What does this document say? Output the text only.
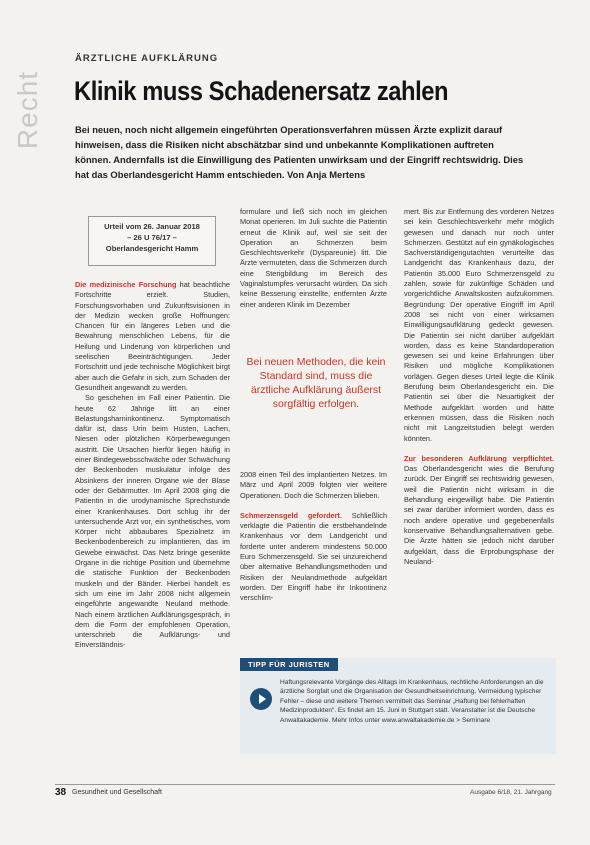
Recht
ÄRZTLICHE AUFKLÄRUNG
Klinik muss Schadenersatz zahlen
Bei neuen, noch nicht allgemein eingeführten Operationsverfahren müssen Ärzte explizit darauf hinweisen, dass die Risiken nicht abschätzbar sind und unbekannte Komplikationen auftreten können. Andernfalls ist die Einwilligung des Patienten unwirksam und der Eingriff rechtswidrig. Dies hat das Oberlandesgericht Hamm entschieden. Von Anja Mertens
Urteil vom 26. Januar 2018
– 26 U 76/17 –
Oberlandesgericht Hamm

Die medizinische Forschung hat beachtliche Fortschritte erzielt. Studien, Forschungsvorhaben und Zukunftsvisionen in der Medizin wecken große Hoffnungen: Chancen für ein längeres Leben und die Bewahrung menschlichen Lebens, für die Heilung und Linderung von körperlichen und seelischen Beeinträchtigungen. Jeder Fortschritt und jede technische Möglichkeit birgt aber auch die Gefahr in sich, zum Schaden der Gesundheit angewandt zu werden.

So geschehen im Fall einer Patientin. Die heute 62 Jährige litt an einer Belastungsharninkontinenz. Symptomatisch dafür ist, dass Urin beim Husten, Lachen, Niesen oder plötzlichen Körperbewegungen austritt. Die Ursachen hierfür liegen häufig in einer Bindegewebsschwäche oder Schwächung der Beckenboden muskulatur infolge des Absinkens der inneren Organe wie der Blase oder der Gebärmutter. Im April 2008 ging die Patientin in die urodynamische Sprechstunde einer Krankenhauses. Dort schlug ihr der untersuchende Arzt vor, ein synthetisches, vom Körper nicht abbaubares Spezialnetz im Beckenbodenbereich zu implantieren, das im Gewebe einwächst. Das Netz bringe gesenkte Organe in die richtige Position und übernehme die statische Funktion der Beckenboden muskeln und der Bänder. Hierbei handelt es sich um eine im Jahr 2008 nicht allgemein eingeführte angewandte Neuland methode. Nach einem ärztlichen Aufklärungsgespräch, in dem die Form der empfohlenen Operation, unterschrieb die Aufklärungs- und Einverständnis-

formulare und ließ sich noch im gleichen Monat operieren. Im Juli suchte die Patientin erneut die Klinik auf, weil sie seit der Operation an Schmerzen beim Geschlechtsverkehr (Dyspareunie) litt. Die Ärzte vermuteten, dass die Schmerzen durch eine Sterigbildung im Bereich des Vaginalstumpfes verursacht würden. Da sich keine Besserung einstellte, entfernten Ärzte einer anderen Klinik im Dezember

Bei neuen Methoden, die kein Standard sind, muss die ärztliche Aufklärung äußerst sorgfältig erfolgen.

2008 einen Teil des implantierten Netzes. Im März und April 2009 folgten vier weitere Operationen. Doch die Schmerzen blieben.

Schmerzensgeld gefordert. Schließlich verklagte die Patientin die erstbehandelnde Krankenhaus vor dem Landgericht und forderte unter anderem mindestens 50.000 Euro Schmerzensgeld. Sie sei unzureichend über alternative Behandlungsmethoden und Risiken der Neulandmethode aufgeklärt worden. Der Eingriff habe ihr Inkontinenz verschlim-

mert. Bis zur Entfernung des vorderen Netzes sei kein Geschlechtsverkehr mehr möglich gewesen und danach nur noch unter Schmerzen. Gestützt auf ein gynäkologisches Sachverständigengutachten verurteilte das Landgericht das Krankenhaus dazu, der Patientin 35.000 Euro Schmerzensgeld zu zahlen, sowie für zukünftige Schäden und vorgerichtliche Anwaltskosten aufzukommen. Begründung: Der operative Eingriff im April 2008 sei nicht von einer wirksamen Einwilligungsaufklärung gedeckt gewesen. Die Patientin sei nicht darüber aufgeklärt worden, dass es keine Standardoperation gewesen sei und keine Erfahrungen über Risiken und mögliche Komplikationen vorlägen. Gegen dieses Urteil legte die Klinik Berufung beim Oberlandesgericht ein. Die Patientin sei über die Neuartigkeit der Methode aufgeklärt worden und hätte erkennen müssen, dass die Risiken noch nicht mit Langzeitstudien belegt werden könnten.

Zur besonderen Aufklärung verpflichtet. Das Oberlandesgericht wies die Berufung zurück. Der Eingriff sei rechtswidrig gewesen, weil die Patientin nicht wirksam in die Behandlung eingewilligt habe. Die Patientin sei zwar darüber informiert worden, dass es noch andere operative und gegebenenfalls konservative Behandlungsalternativen gebe. Die Ärzte hätten sie jedoch nicht darüber aufgeklärt, dass die Erprobungsphase der Neuland-

TIPP FÜR JURISTEN
Haftungsrelevante Vorgänge des Alltags im Krankenhaus, rechtliche Anforderungen an die ärztliche Sorgfalt und die Organisation der Gesundheitseinrichtung, Vermeidung typischer Fehler – diese und weitere Themen vermittelt das Seminar „Haftung bei fehlerhaften Medizinprodukten“. Es findet am 15. Juni in Stuttgart statt. Veranstalter ist die Deutsche Anwaltakademie. Mehr Infos unter www.anwaltakademie.de > Seminare
38 Gesundheit und Gesellschaft	Ausgabe 6/18, 21. Jahrgang
